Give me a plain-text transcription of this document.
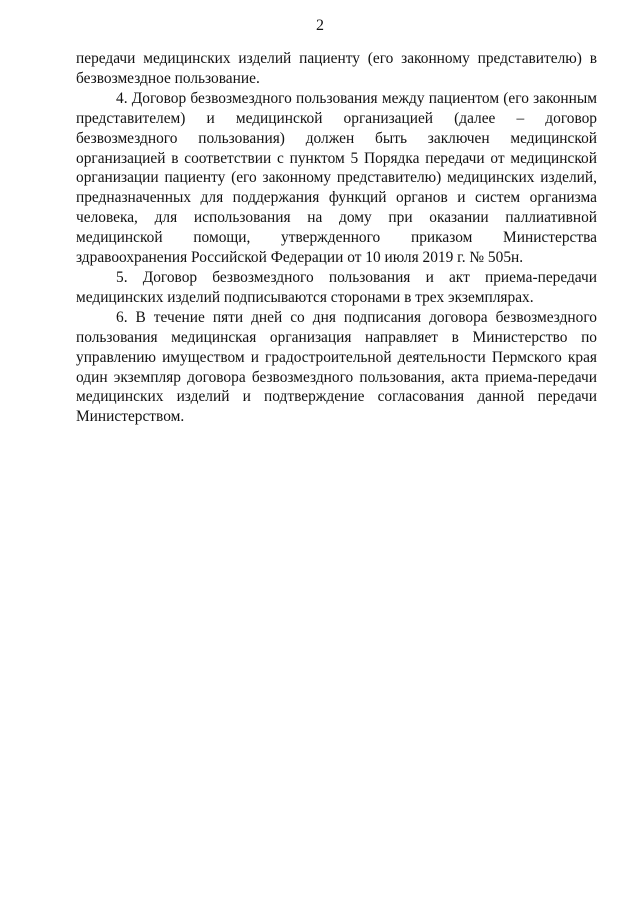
2

передачи медицинских изделий пациенту (его законному представителю) в безвозмездное пользование.

4. Договор безвозмездного пользования между пациентом (его законным представителем) и медицинской организацией (далее – договор безвозмездного пользования) должен быть заключен медицинской организацией в соответствии с пунктом 5 Порядка передачи от медицинской организации пациенту (его законному представителю) медицинских изделий, предназначенных для поддержания функций органов и систем организма человека, для использования на дому при оказании паллиативной медицинской помощи, утвержденного приказом Министерства здравоохранения Российской Федерации от 10 июля 2019 г. № 505н.

5. Договор безвозмездного пользования и акт приема-передачи медицинских изделий подписываются сторонами в трех экземплярах.

6. В течение пяти дней со дня подписания договора безвозмездного пользования медицинская организация направляет в Министерство по управлению имуществом и градостроительной деятельности Пермского края один экземпляр договора безвозмездного пользования, акта приема-передачи медицинских изделий и подтверждение согласования данной передачи Министерством.
